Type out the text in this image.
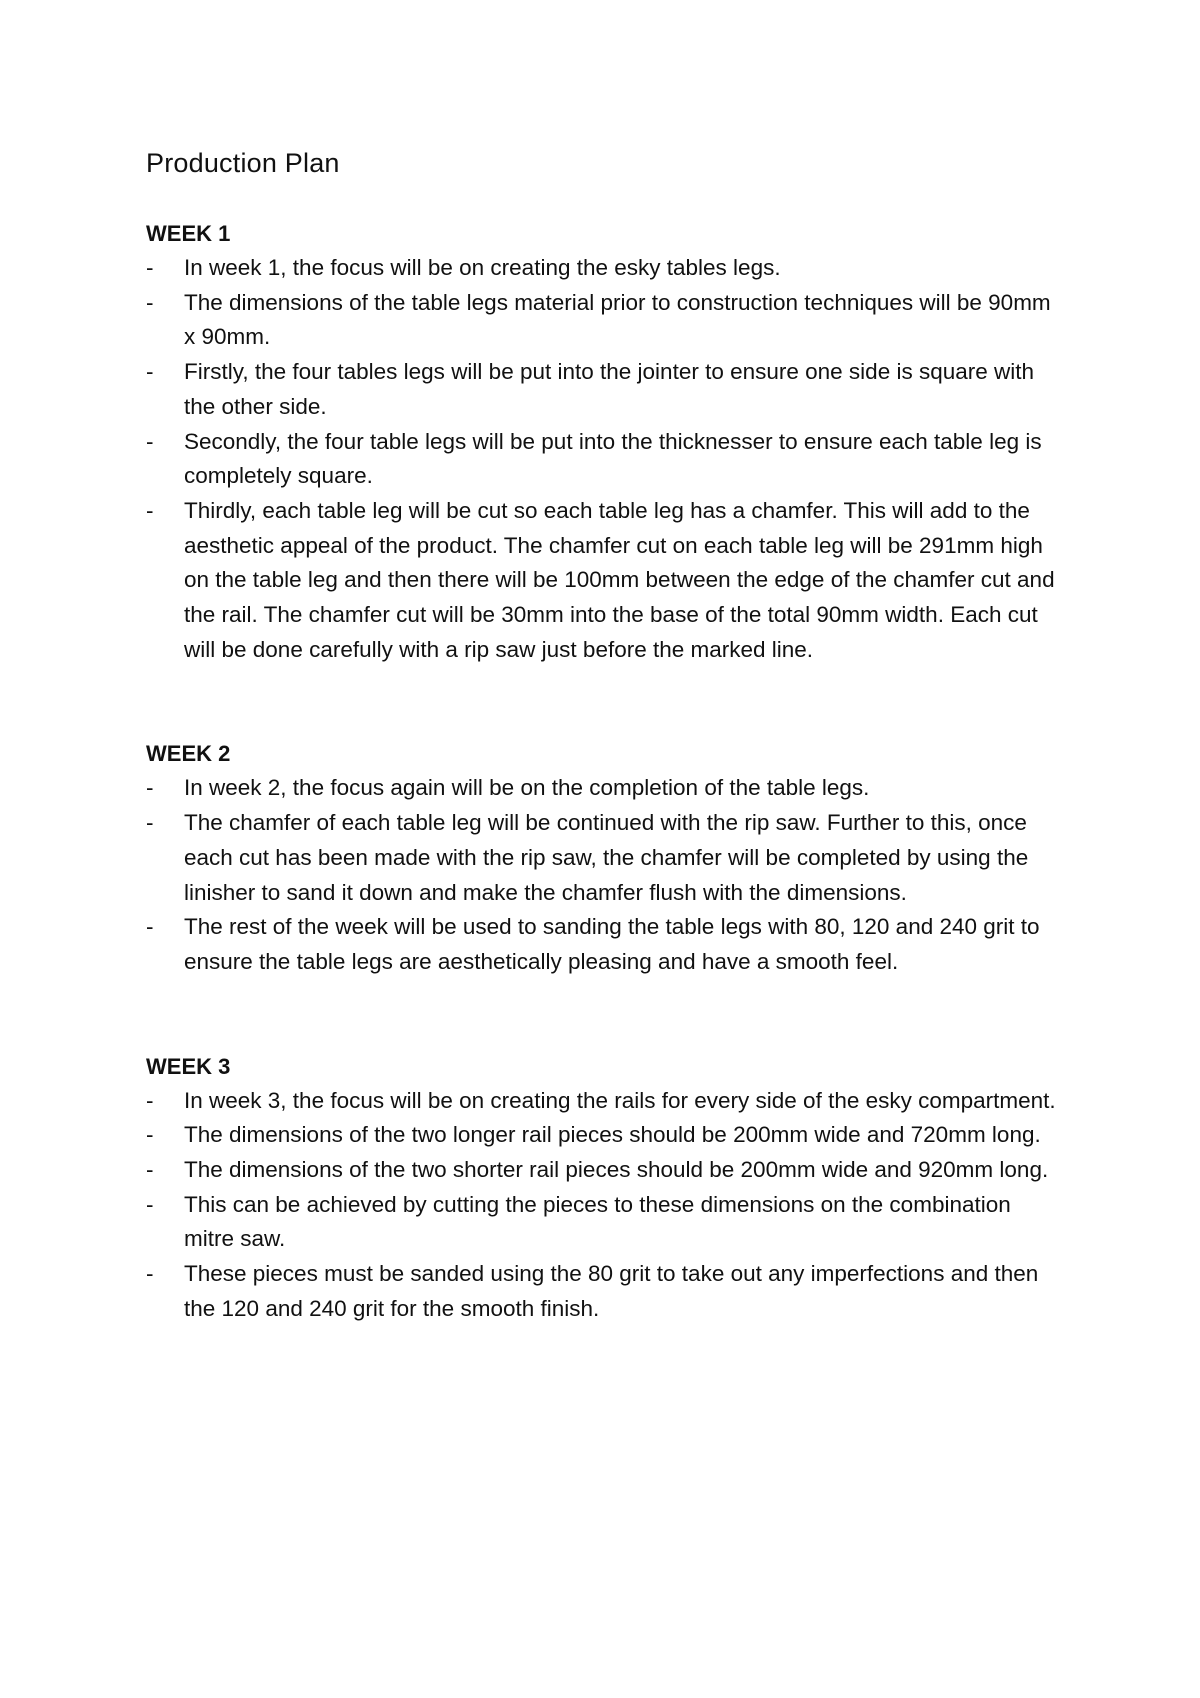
Production Plan
WEEK 1
-	In week 1, the focus will be on creating the esky tables legs.
-	The dimensions of the table legs material prior to construction techniques will be 90mm x 90mm.
-	Firstly, the four tables legs will be put into the jointer to ensure one side is square with the other side.
-	Secondly, the four table legs will be put into the thicknesser to ensure each table leg is completely square.
-	Thirdly, each table leg will be cut so each table leg has a chamfer. This will add to the aesthetic appeal of the product. The chamfer cut on each table leg will be 291mm high on the table leg and then there will be 100mm between the edge of the chamfer cut and the rail. The chamfer cut will be 30mm into the base of the total 90mm width. Each cut will be done carefully with a rip saw just before the marked line.
WEEK 2
-	In week 2, the focus again will be on the completion of the table legs.
-	The chamfer of each table leg will be continued with the rip saw. Further to this, once each cut has been made with the rip saw, the chamfer will be completed by using the linisher to sand it down and make the chamfer flush with the dimensions.
-	The rest of the week will be used to sanding the table legs with 80, 120 and 240 grit to ensure the table legs are aesthetically pleasing and have a smooth feel.
WEEK 3
-	In week 3, the focus will be on creating the rails for every side of the esky compartment.
-	The dimensions of the two longer rail pieces should be 200mm wide and 720mm long.
-	The dimensions of the two shorter rail pieces should be 200mm wide and 920mm long.
-	This can be achieved by cutting the pieces to these dimensions on the combination mitre saw.
-	These pieces must be sanded using the 80 grit to take out any imperfections and then the 120 and 240 grit for the smooth finish.
